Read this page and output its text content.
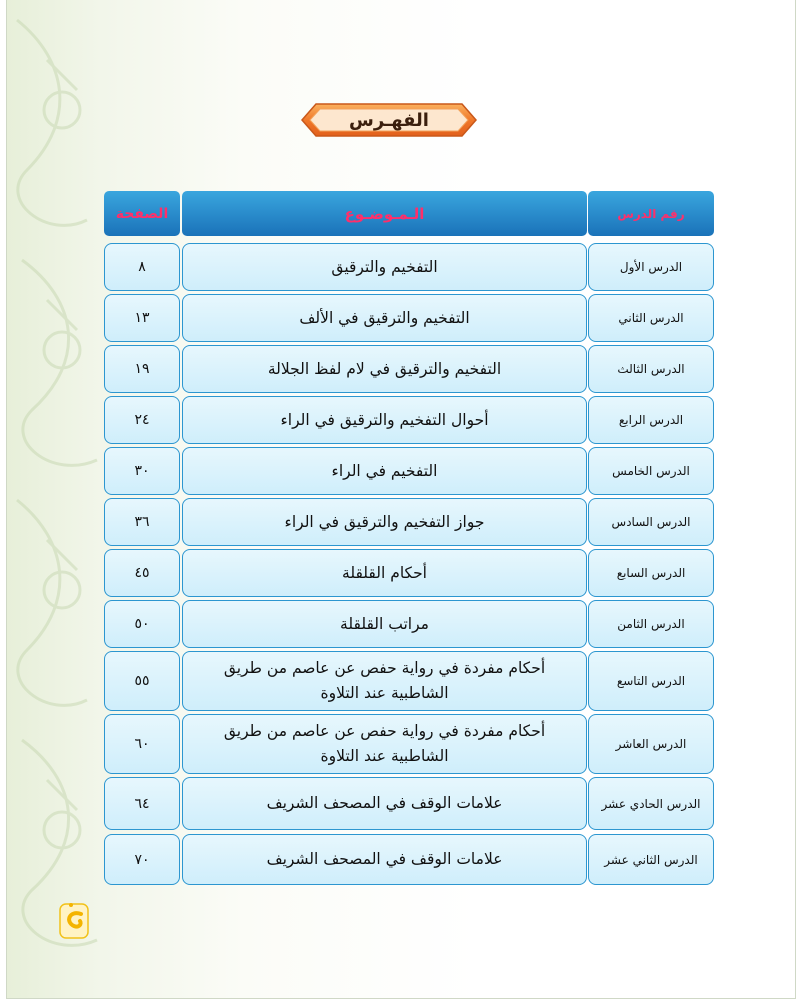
الفهـرس
رقم الدرس
الـمـوضـوع
الصفحة
الدرس الأول
التفخيم والترقيق
٨
الدرس الثاني
التفخيم والترقيق في الألف
١٣
الدرس الثالث
التفخيم والترقيق في لام لفظ الجلالة
١٩
الدرس الرابع
أحوال التفخيم والترقيق في الراء
٢٤
الدرس الخامس
التفخيم في الراء
٣٠
الدرس السادس
جواز التفخيم والترقيق في الراء
٣٦
الدرس السابع
أحكام القلقلة
٤٥
الدرس الثامن
مراتب القلقلة
٥٠
الدرس التاسع
أحكام مفردة في رواية حفص عن عاصم من طريق الشاطبية عند التلاوة
٥٥
الدرس العاشر
أحكام مفردة في رواية حفص عن عاصم من طريق الشاطبية عند التلاوة
٦٠
الدرس الحادي عشر
علامات الوقف في المصحف الشريف
٦٤
الدرس الثاني عشر
علامات الوقف في المصحف الشريف
٧٠
